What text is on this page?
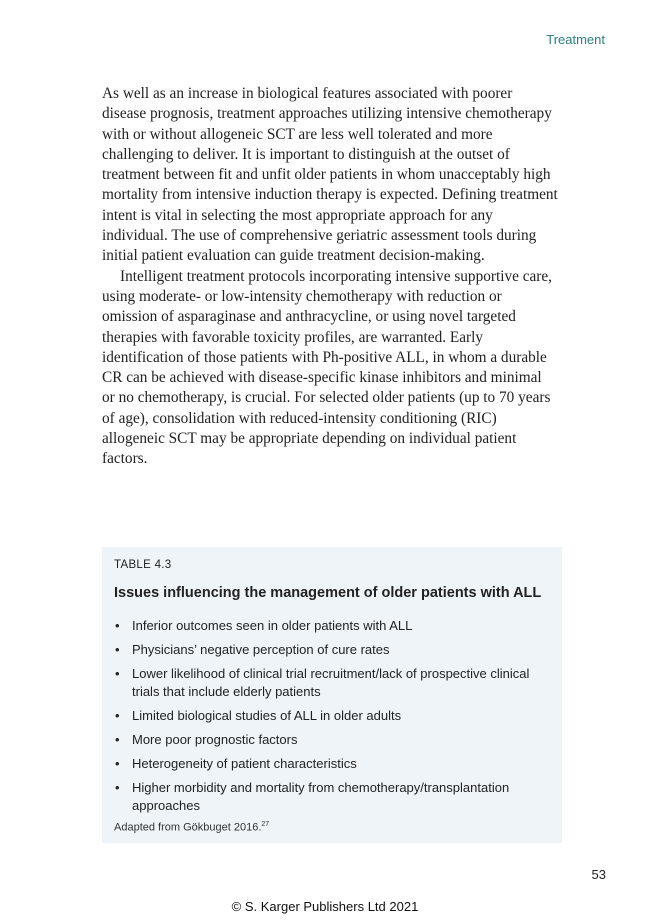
Treatment

As well as an increase in biological features associated with poorer disease prognosis, treatment approaches utilizing intensive chemotherapy with or without allogeneic SCT are less well tolerated and more challenging to deliver. It is important to distinguish at the outset of treatment between fit and unfit older patients in whom unacceptably high mortality from intensive induction therapy is expected. Defining treatment intent is vital in selecting the most appropriate approach for any individual. The use of comprehensive geriatric assessment tools during initial patient evaluation can guide treatment decision-making.

Intelligent treatment protocols incorporating intensive supportive care, using moderate- or low-intensity chemotherapy with reduction or omission of asparaginase and anthracycline, or using novel targeted therapies with favorable toxicity profiles, are warranted. Early identification of those patients with Ph-positive ALL, in whom a durable CR can be achieved with disease-specific kinase inhibitors and minimal or no chemotherapy, is crucial. For selected older patients (up to 70 years of age), consolidation with reduced-intensity conditioning (RIC) allogeneic SCT may be appropriate depending on individual patient factors.

TABLE 4.3
Issues influencing the management of older patients with ALL
• Inferior outcomes seen in older patients with ALL
• Physicians’ negative perception of cure rates
• Lower likelihood of clinical trial recruitment/lack of prospective clinical trials that include elderly patients
• Limited biological studies of ALL in older adults
• More poor prognostic factors
• Heterogeneity of patient characteristics
• Higher morbidity and mortality from chemotherapy/transplantation approaches
Adapted from Gökbuget 2016.27
53
© S. Karger Publishers Ltd 2021
